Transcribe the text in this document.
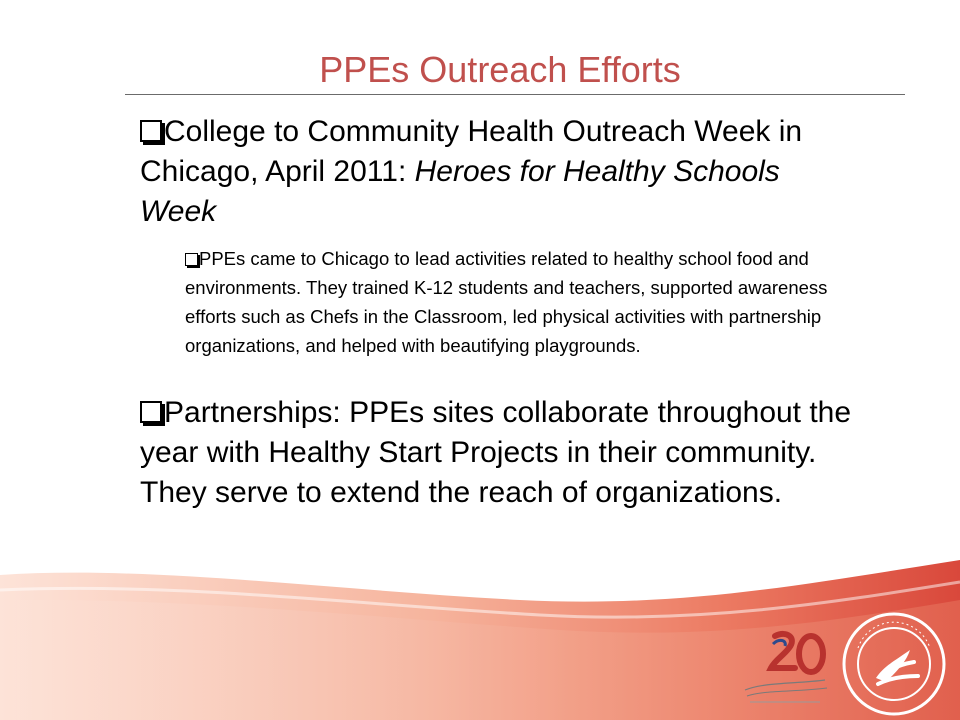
PPEs Outreach Efforts
College to Community Health Outreach Week in Chicago, April 2011: Heroes for Healthy Schools Week
PPEs came to Chicago to lead activities related to healthy school food and environments. They trained K-12 students and teachers, supported awareness efforts such as Chefs in the Classroom, led physical activities with partnership organizations, and helped with beautifying playgrounds.
Partnerships: PPEs sites collaborate throughout the year with Healthy Start Projects in their community. They serve to extend the reach of organizations.
